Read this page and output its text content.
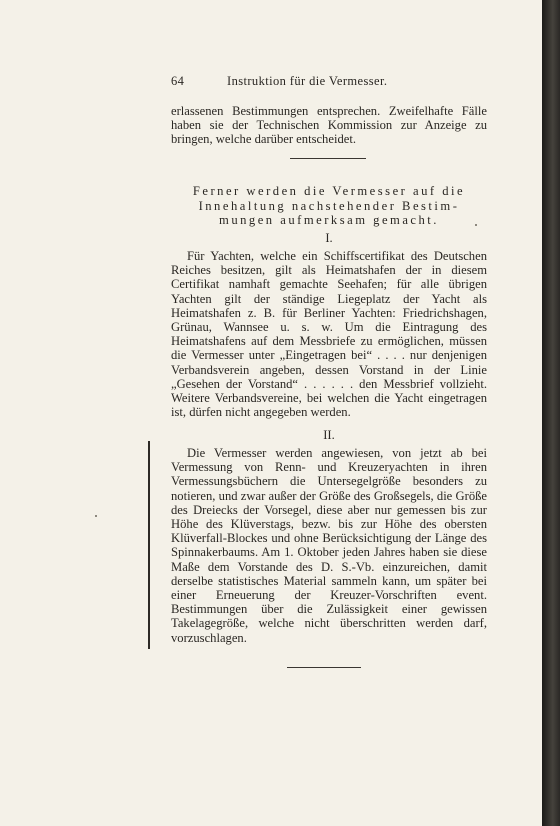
64	Instruktion für die Vermesser.

erlassenen Bestimmungen entsprechen. Zweifelhafte Fälle haben sie der Technischen Kommission zur Anzeige zu bringen, welche darüber entscheidet.

Ferner werden die Vermesser auf die
Innehaltung nachstehender Bestim-
mungen aufmerksam gemacht.
I.

Für Yachten, welche ein Schiffscertifikat des Deutschen Reiches besitzen, gilt als Heimatshafen der in diesem Certifikat namhaft gemachte Seehafen; für alle übrigen Yachten gilt der ständige Liegeplatz der Yacht als Heimatshafen z. B. für Berliner Yachten: Friedrichshagen, Grünau, Wannsee u. s. w. Um die Eintragung des Heimatshafens auf dem Messbriefe zu ermöglichen, müssen die Vermesser unter „Eingetragen bei“ . . . . nur denjenigen Verbandsverein angeben, dessen Vorstand in der Linie „Gesehen der Vorstand“ . . . . . . den Messbrief vollzieht. Weitere Verbandsvereine, bei welchen die Yacht eingetragen ist, dürfen nicht angegeben werden.

II.

Die Vermesser werden angewiesen, von jetzt ab bei Vermessung von Renn- und Kreuzeryachten in ihren Vermessungsbüchern die Untersegelgröße besonders zu notieren, und zwar außer der Größe des Großsegels, die Größe des Dreiecks der Vorsegel, diese aber nur gemessen bis zur Höhe des Klüverstags, bezw. bis zur Höhe des obersten Klüverfall-Blockes und ohne Berücksichtigung der Länge des Spinnakerbaums. Am 1. Oktober jeden Jahres haben sie diese Maße dem Vorstande des D. S.-Vb. einzureichen, damit derselbe statistisches Material sammeln kann, um später bei einer Erneuerung der Kreuzer-Vorschriften event. Bestimmungen über die Zulässigkeit einer gewissen Takelagegröße, welche nicht überschritten werden darf, vorzuschlagen.
